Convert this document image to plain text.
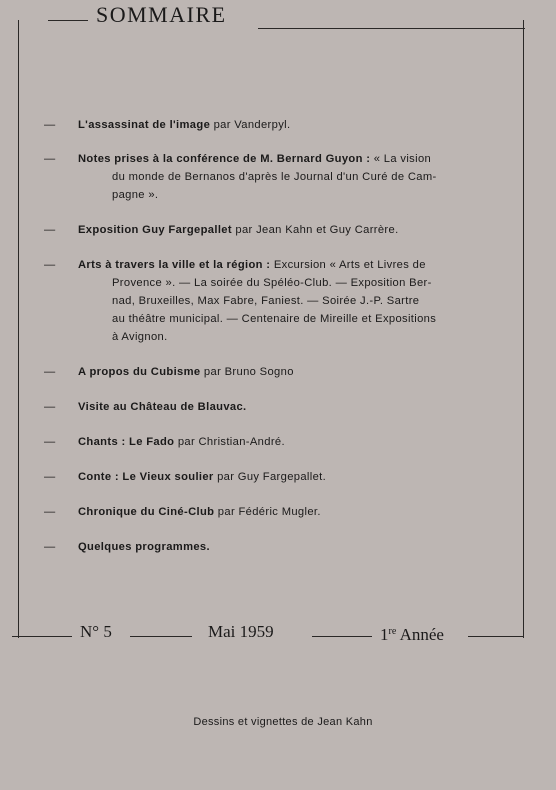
SOMMAIRE
— L'assassinat de l'image par Vanderpyl.
— Notes prises à la conférence de M. Bernard Guyon : « La vision
du monde de Bernanos d'après le Journal d'un Curé de Cam-
pagne ».
— Exposition Guy Fargepallet par Jean Kahn et Guy Carrère.
— Arts à travers la ville et la région : Excursion « Arts et Livres de
Provence ». — La soirée du Spéléo-Club. — Exposition Ber-
nad, Bruxeilles, Max Fabre, Faniest. — Soirée J.-P. Sartre
au théâtre municipal. — Centenaire de Mireille et Expositions
à Avignon.
— A propos du Cubisme par Bruno Sogno
— Visite au Château de Blauvac.
— Chants : Le Fado par Christian-André.
— Conte : Le Vieux soulier par Guy Fargepallet.
— Chronique du Ciné-Club par Fédéric Mugler.
— Quelques programmes.
N° 5	Mai 1959	1re Année
Dessins et vignettes de Jean Kahn
